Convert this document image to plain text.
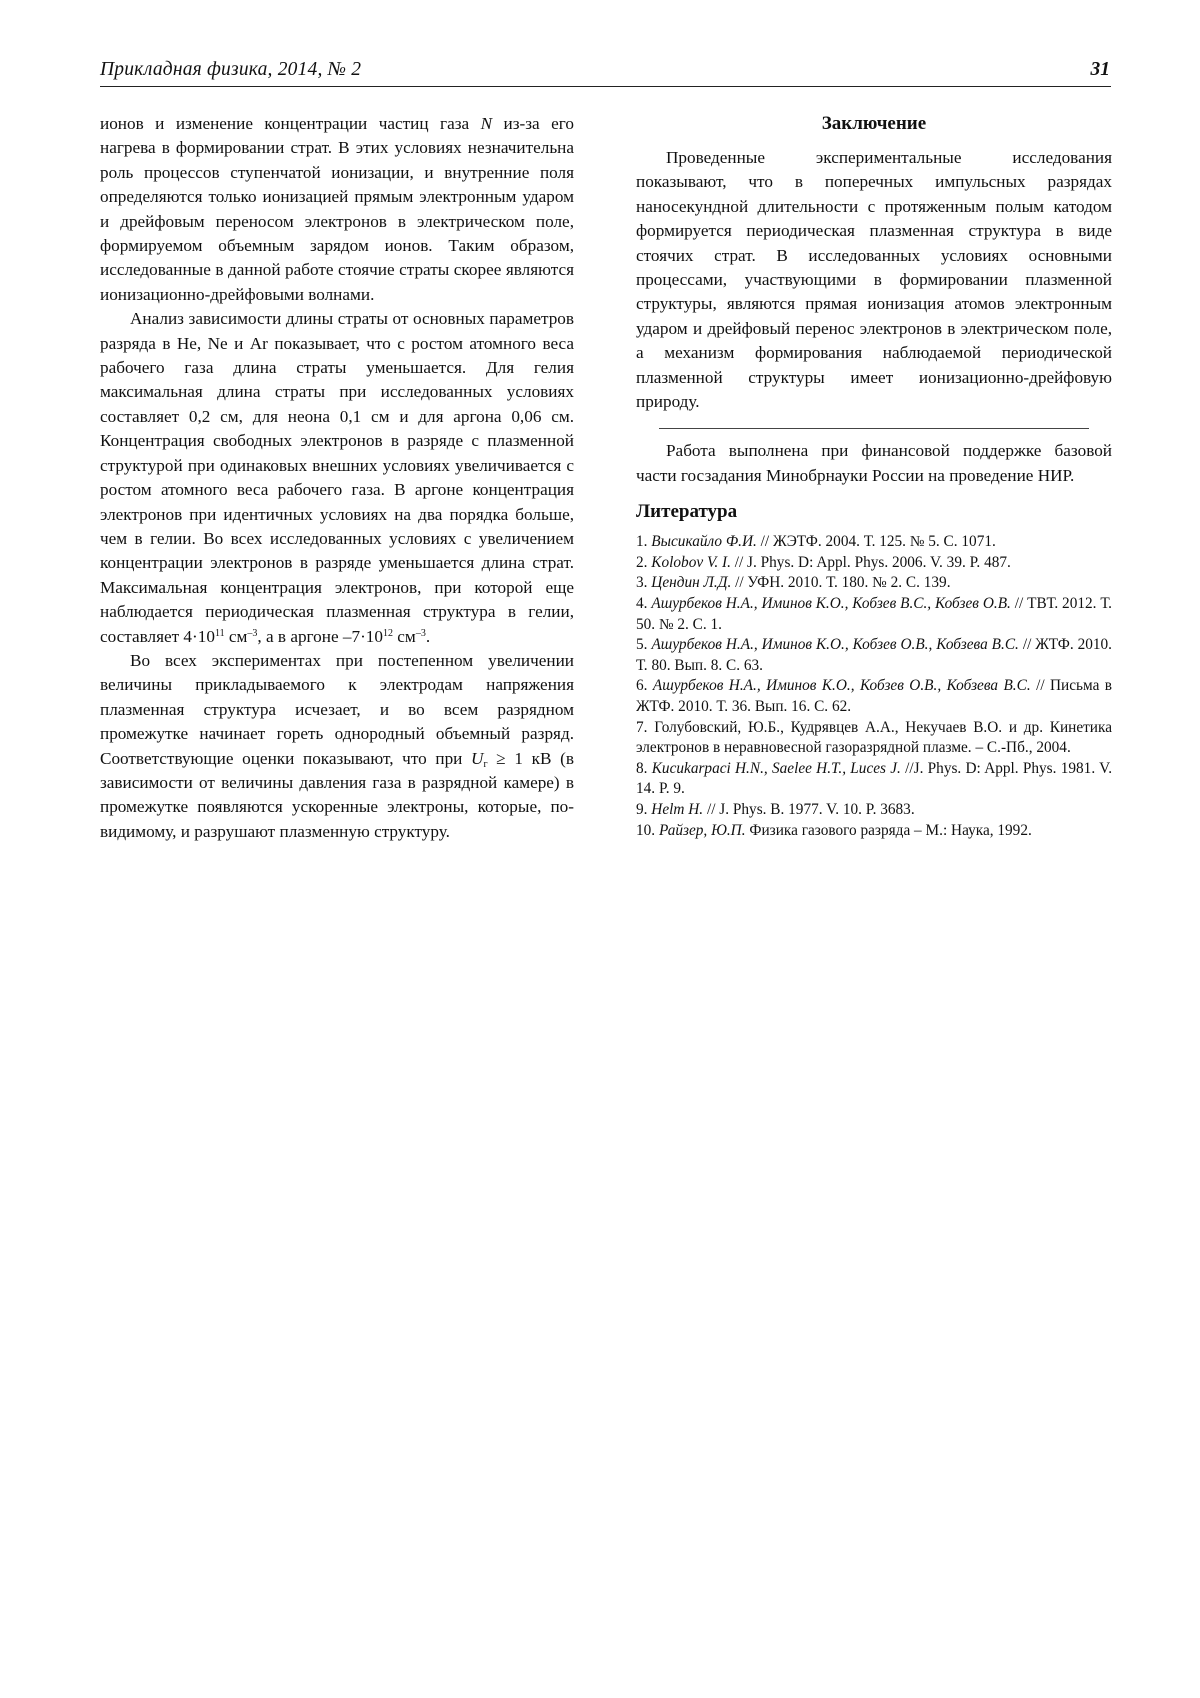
Прикладная физика, 2014, № 2	31

ионов и изменение концентрации частиц газа N из-за его нагрева в формировании страт. В этих условиях незначительна роль процессов ступенчатой ионизации, и внутренние поля определяются только ионизацией прямым электронным ударом и дрейфовым переносом электронов в электрическом поле, формируемом объемным зарядом ионов. Таким образом, исследованные в данной работе стоячие страты скорее являются ионизационно-дрейфовыми волнами.

Анализ зависимости длины страты от основных параметров разряда в He, Ne и Ar показывает, что с ростом атомного веса рабочего газа длина страты уменьшается. Для гелия максимальная длина страты при исследованных условиях составляет 0,2 см, для неона 0,1 см и для аргона 0,06 см. Концентрация свободных электронов в разряде с плазменной структурой при одинаковых внешних условиях увеличивается с ростом атомного веса рабочего газа. В аргоне концентрация электронов при идентичных условиях на два порядка больше, чем в гелии. Во всех исследованных условиях с увеличением концентрации электронов в разряде уменьшается длина страт. Максимальная концентрация электронов, при которой еще наблюдается периодическая плазменная структура в гелии, составляет $4\cdot 10^{11}$ $см^{-3}$, а в аргоне $-7\cdot 10^{12}$ $см^{-3}$.

Во всех экспериментах при постепенном увеличении величины прикладываемого к электродам напряжения плазменная структура исчезает, и во всем разрядном промежутке начинает гореть однородный объемный разряд. Соответствующие оценки показывают, что при $U_г \ge 1$ кВ (в зависимости от величины давления газа в разрядной камере) в промежутке появляются ускоренные электроны, которые, по-видимому, и разрушают плазменную структуру.

Заключение

Проведенные экспериментальные исследования показывают, что в поперечных импульсных разрядах наносекундной длительности с протяженным полым катодом формируется периодическая плазменная структура в виде стоячих страт. В исследованных условиях основными процессами, участвующими в формировании плазменной структуры, являются прямая ионизация атомов электронным ударом и дрейфовый перенос электронов в электрическом поле, а механизм формирования наблюдаемой периодической плазменной структуры имеет ионизационно-дрейфовую природу.

Работа выполнена при финансовой поддержке базовой части госзадания Минобрнауки России на проведение НИР.

Литература

1. Высикайло Ф.И. // ЖЭТФ. 2004. Т. 125. № 5. С. 1071.

2. Kolobov V. I. // J. Phys. D: Appl. Phys. 2006. V. 39. P. 487.

3. Цендин Л.Д. // УФН. 2010. Т. 180. № 2. С. 139.

4. Ашурбеков Н.А., Иминов К.О., Кобзев В.С., Кобзев О.В. // ТВТ. 2012. Т. 50. № 2. С. 1.

5. Ашурбеков Н.А., Иминов К.О., Кобзев О.В., Кобзева В.С. // ЖТФ. 2010. Т. 80. Вып. 8. С. 63.

6. Ашурбеков Н.А., Иминов К.О., Кобзев О.В., Кобзева В.С. // Письма в ЖТФ. 2010. Т. 36. Вып. 16. С. 62.

7. Голубовский, Ю.Б., Кудрявцев А.А., Некучаев В.О. и др. Кинетика электронов в неравновесной газоразрядной плазме. – С.-Пб., 2004.

8. Kucukarpaci H.N., Saelee H.T., Luces J. //J. Phys. D: Appl. Phys. 1981. V. 14. P. 9.

9. Helm H. // J. Phys. B. 1977. V. 10. P. 3683.

10. Райзер, Ю.П. Физика газового разряда – М.: Наука, 1992.
